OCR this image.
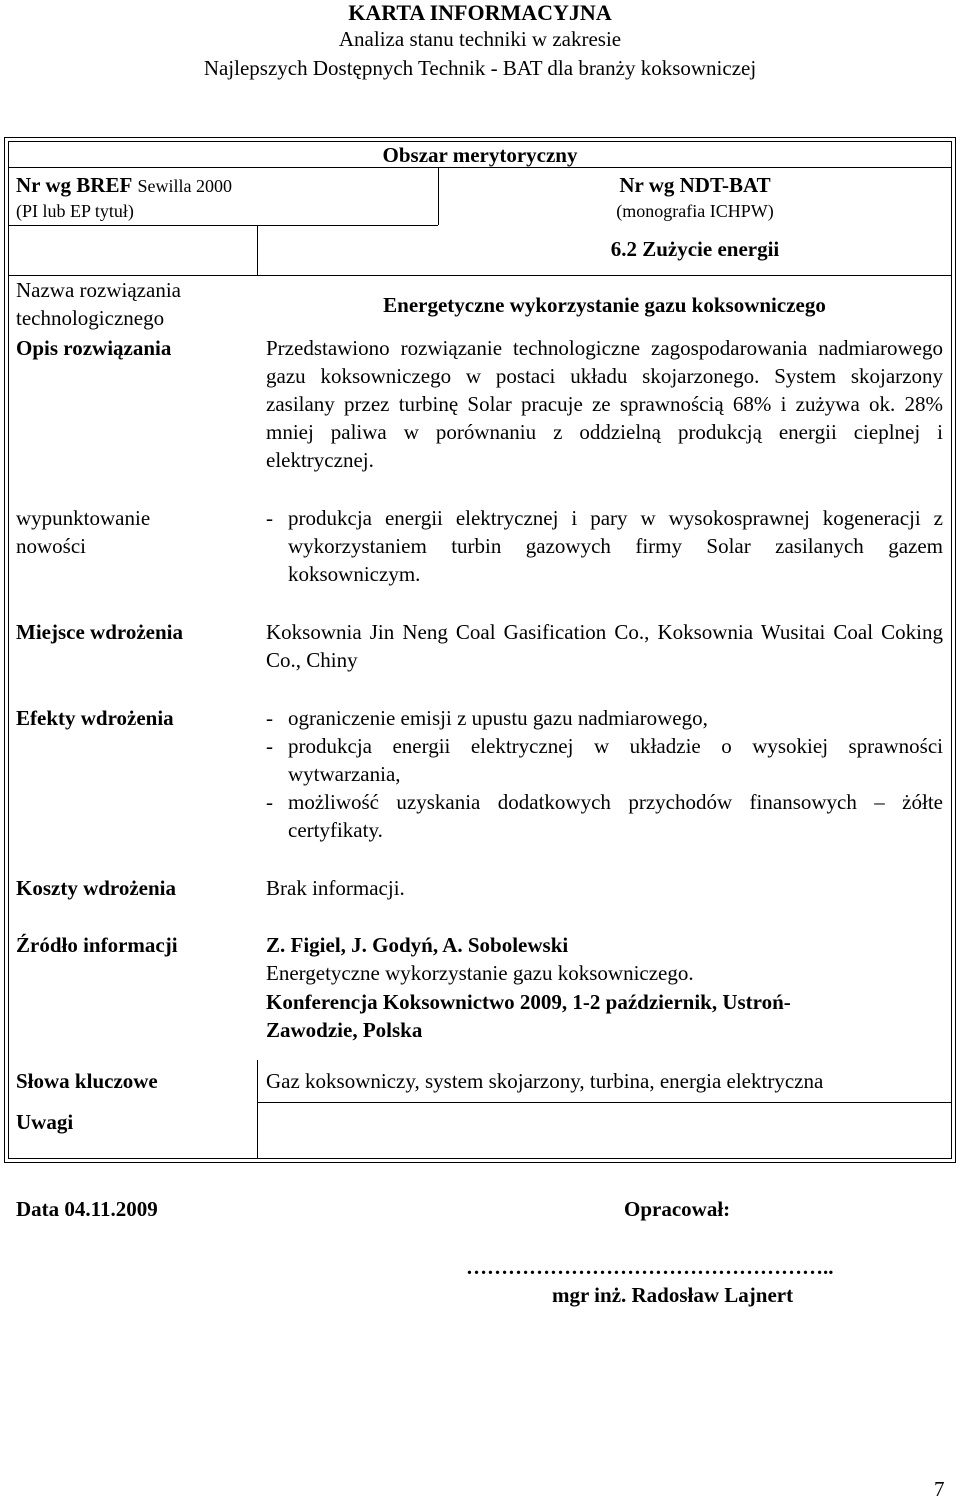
KARTA INFORMACYJNA
Analiza stanu techniki w zakresie
Najlepszych Dostępnych Technik - BAT dla branży koksowniczej
Obszar merytoryczny
Nr wg BREF Sewilla 2000
(PI lub EP tytuł)
Nr wg NDT-BAT
(monografia ICHPW)
6.2 Zużycie energii
Nazwa rozwiązania
technologicznego
Energetyczne wykorzystanie gazu koksowniczego
Opis rozwiązania	Przedstawiono rozwiązanie technologiczne zagospodarowania nadmiarowego gazu koksowniczego w postaci układu skojarzonego. System skojarzony zasilany przez turbinę Solar pracuje ze sprawnością 68% i zużywa ok. 28% mniej paliwa w porównaniu z oddzielną produkcją energii cieplnej i elektrycznej.
wypunktowanie
nowości
- produkcja energii elektrycznej i pary w wysokosprawnej kogeneracji z wykorzystaniem turbin gazowych firmy Solar zasilanych gazem koksowniczym.
Miejsce wdrożenia	Koksownia Jin Neng Coal Gasification Co., Koksownia Wusitai Coal Coking Co., Chiny
Efekty wdrożenia
-	ograniczenie emisji z upustu gazu nadmiarowego,
- produkcja energii elektrycznej w układzie o wysokiej sprawności wytwarzania,
- możliwość uzyskania dodatkowych przychodów finansowych – żółte certyfikaty.
Koszty wdrożenia	Brak informacji.
Źródło informacji	Z. Figiel, J. Godyń, A. Sobolewski
Energetyczne wykorzystanie gazu koksowniczego.
Konferencja Koksownictwo 2009, 1-2 październik, Ustroń-
Zawodzie, Polska
Słowa kluczowe	Gaz koksowniczy, system skojarzony, turbina, energia elektryczna
Uwagi
Data 04.11.2009	Opracował:
……………………………………………..
mgr inż. Radosław Lajnert
7
